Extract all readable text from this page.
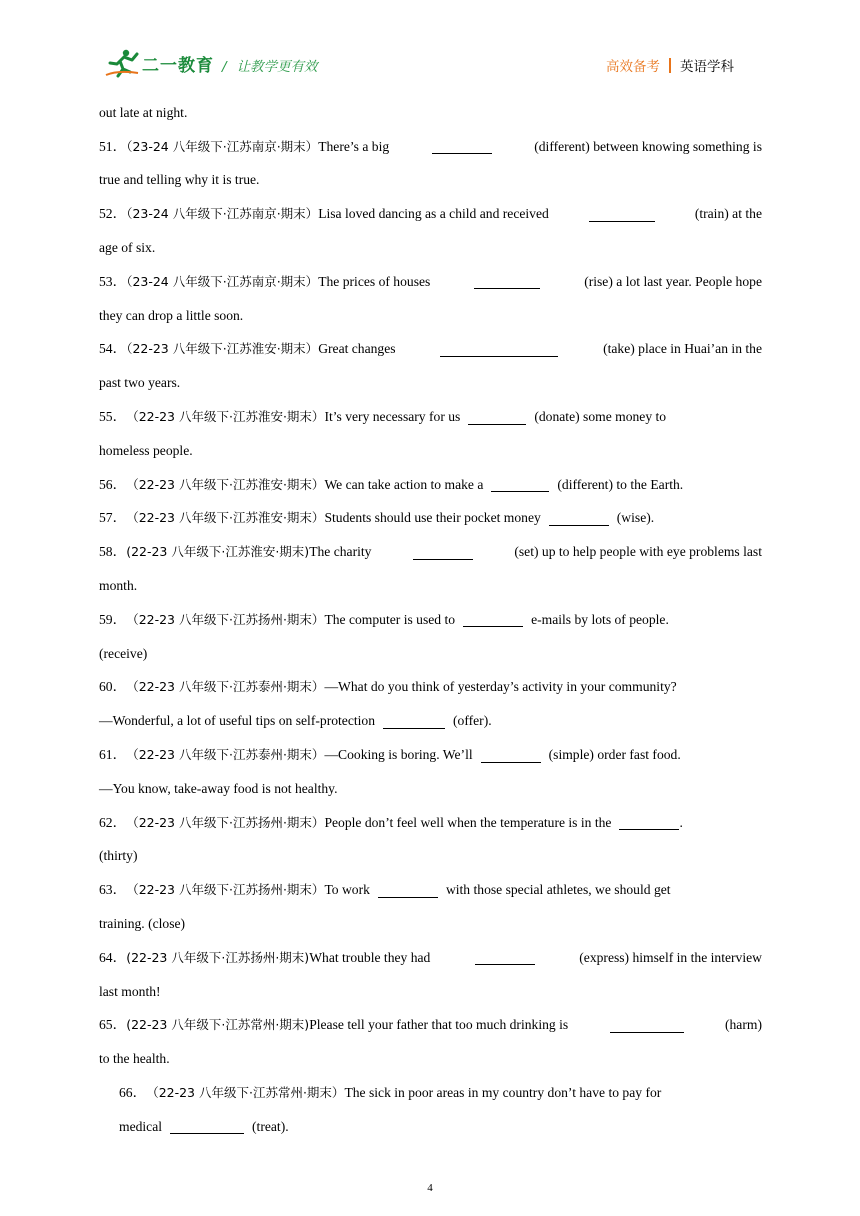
二一教育 / 让教学更有效	高效备考 英语学科
out late at night.
51．（23-24 八年级下·江苏南京·期末）There’s a big	(different) between knowing something is
true and telling why it is true.
52．（23-24 八年级下·江苏南京·期末）Lisa loved dancing as a child and received	(train) at the
age of six.
53．（23-24 八年级下·江苏南京·期末）The prices of houses	(rise) a lot last year. People hope
they can drop a little soon.
54．（22-23 八年级下·江苏淮安·期末）Great changes	(take) place in Huai’an in the
past two years.
55． （22-23 八年级下·江苏淮安·期末） It’s very necessary for us	(donate) some money to
homeless people.
56． （22-23 八年级下·江苏淮安·期末） We can take action to make a	(different) to the Earth.
57． （22-23 八年级下·江苏淮安·期末） Students should use their pocket money	(wise).
58．(22-23 八年级下·江苏淮安·期末)The charity	(set) up to help people with eye problems last
month.
59． （22-23 八年级下·江苏扬州·期末） The computer is used to	e-mails by lots of people.
(receive)
60． （22-23 八年级下·江苏泰州·期末） —What do you think of yesterday’s activity in your community?
—Wonderful, a lot of useful tips on self-protection	(offer).
61． （22-23 八年级下·江苏泰州·期末） —Cooking is boring. We’ll	(simple) order fast food.
—You know, take-away food is not healthy.
62． （22-23 八年级下·江苏扬州·期末） People don’t feel well when the temperature is in the	.
(thirty)
63． （22-23 八年级下·江苏扬州·期末） To work	with those special athletes, we should get
training. (close)
64．(22-23 八年级下·江苏扬州·期末)What trouble they had	(express) himself in the interview
last month!
65．(22-23 八年级下·江苏常州·期末)Please tell your father that too much drinking is	(harm)
to the health.
66． （22-23 八年级下·江苏常州·期末） The sick in poor areas in my country don’t have to pay for
medical	(treat).
4
